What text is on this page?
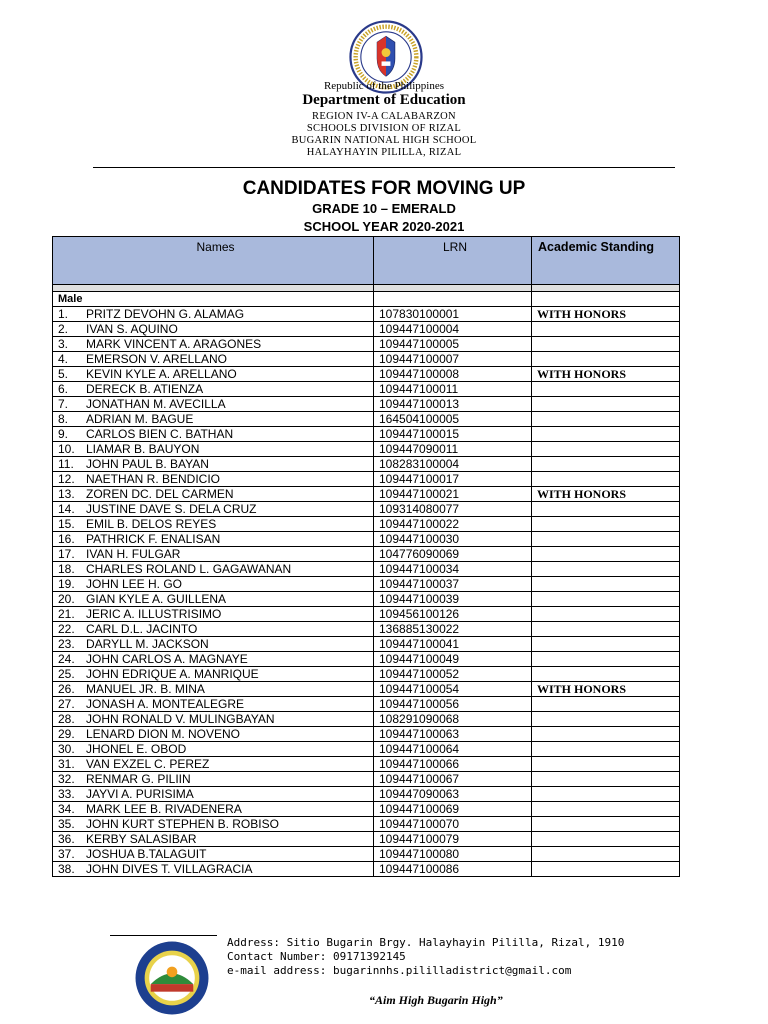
Republic of the Philippines
Department of Education
REGION IV-A CALABARZON
SCHOOLS DIVISION OF RIZAL
BUGARIN NATIONAL HIGH SCHOOL
HALAYHAYIN PILILLA, RIZAL
CANDIDATES FOR MOVING UP
GRADE 10 – EMERALD
SCHOOL YEAR 2020-2021
Names	LRN	Academic Standing

Male		
1. PRITZ DEVOHN G. ALAMAG	107830100001	WITH HONORS
2. IVAN S. AQUINO	109447100004	
3. MARK VINCENT A. ARAGONES	109447100005	
4. EMERSON V. ARELLANO	109447100007	
5. KEVIN KYLE A. ARELLANO	109447100008	WITH HONORS
6. DERECK B. ATIENZA	109447100011	
7. JONATHAN M. AVECILLA	109447100013	
8. ADRIAN M. BAGUE	164504100005	
9. CARLOS BIEN C. BATHAN	109447100015	
10. LIAMAR B. BAUYON	109447090011	
11. JOHN PAUL B. BAYAN	108283100004	
12. NAETHAN R. BENDICIO	109447100017	
13. ZOREN DC. DEL CARMEN	109447100021	WITH HONORS
14. JUSTINE DAVE S. DELA CRUZ	109314080077	
15. EMIL B. DELOS REYES	109447100022	
16. PATHRICK F. ENALISAN	109447100030	
17. IVAN H. FULGAR	104776090069	
18. CHARLES ROLAND L. GAGAWANAN	109447100034	
19. JOHN LEE H. GO	109447100037	
20. GIAN KYLE A. GUILLENA	109447100039	
21. JERIC A. ILLUSTRISIMO	109456100126	
22. CARL D.L. JACINTO	136885130022	
23. DARYLL M. JACKSON	109447100041	
24. JOHN CARLOS A. MAGNAYE	109447100049	
25. JOHN EDRIQUE A. MANRIQUE	109447100052	
26. MANUEL JR. B. MINA	109447100054	WITH HONORS
27. JONASH A. MONTEALEGRE	109447100056	
28. JOHN RONALD V. MULINGBAYAN	108291090068	
29. LENARD DION M. NOVENO	109447100063	
30. JHONEL E. OBOD	109447100064	
31. VAN EXZEL C. PEREZ	109447100066	
32. RENMAR G. PILIIN	109447100067	
33. JAYVI A. PURISIMA	109447090063	
34. MARK LEE B. RIVADENERA	109447100069	
35. JOHN KURT STEPHEN B. ROBISO	109447100070	
36. KERBY SALASIBAR	109447100079	
37. JOSHUA B.TALAGUIT	109447100080	
38. JOHN DIVES T. VILLAGRACIA	109447100086	
Address: Sitio Bugarin Brgy. Halayhayin Pililla, Rizal, 1910
Contact Number: 09171392145
e-mail address: bugarinnhs.pililladistrict@gmail.com
“Aim High Bugarin High”
